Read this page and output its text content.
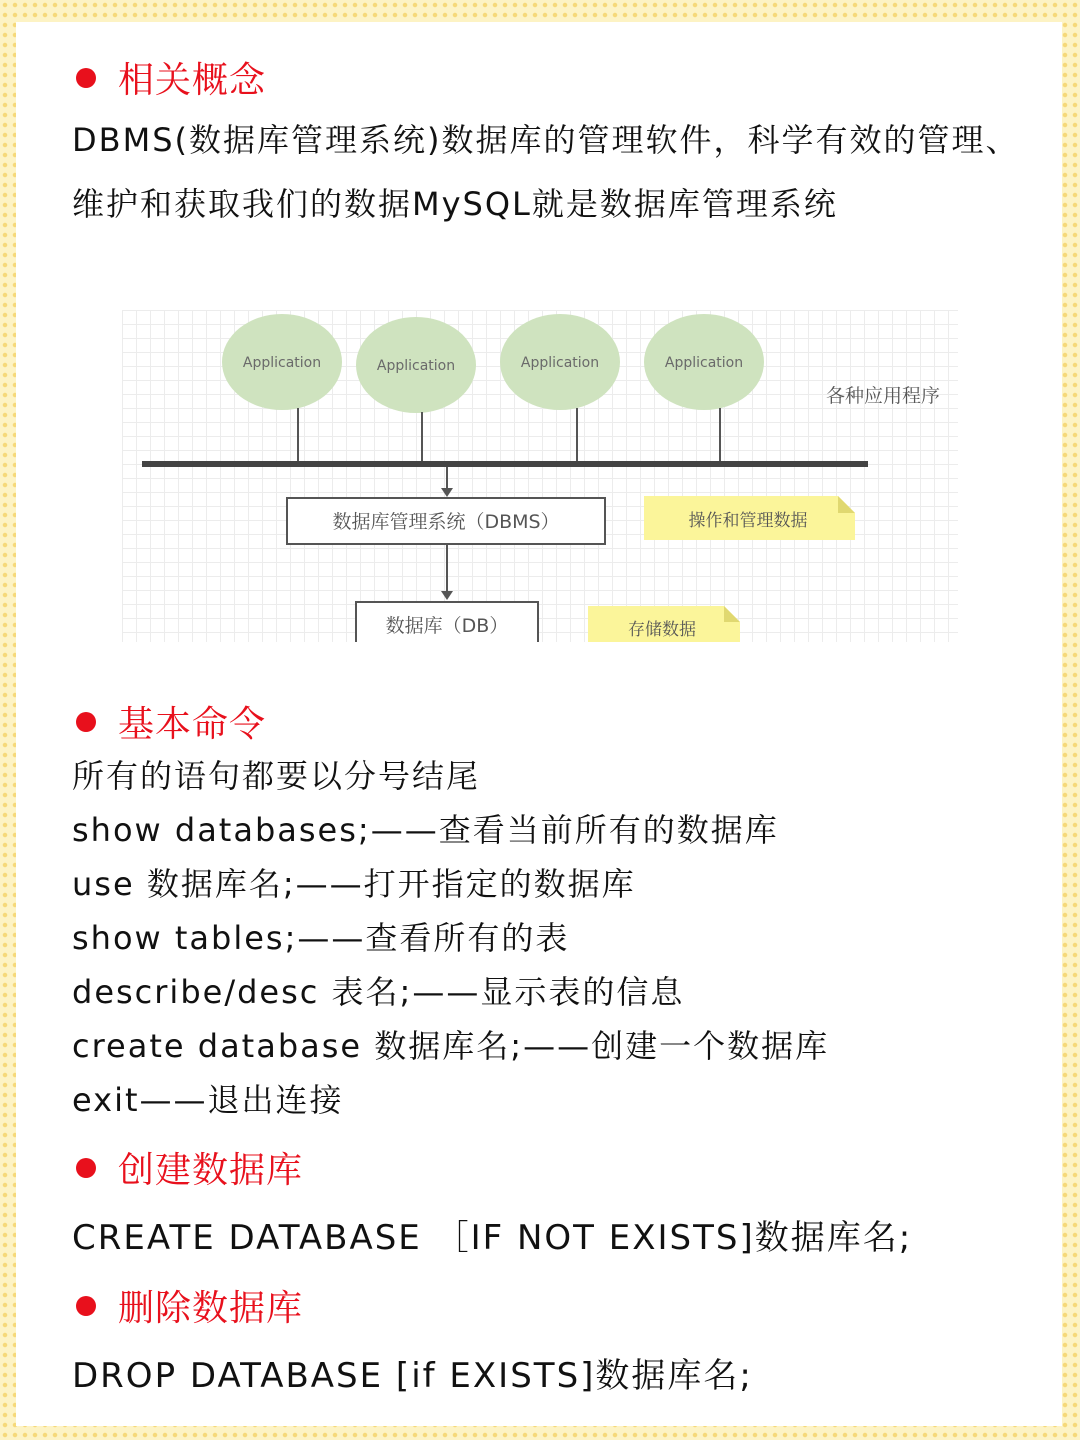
相关概念

DBMS(数据库管理系统)数据库的管理软件，科学有效的管理、维护和获取我们的数据MySQL就是数据库管理系统

Application	Application	Application	Application
各种应用程序
数据库管理系统（DBMS）	操作和管理数据
数据库（DB）	存储数据
基本命令
所有的语句都要以分号结尾
show databases;——查看当前所有的数据库
use 数据库名;——打开指定的数据库
show tables;——查看所有的表
describe/desc 表名;——显示表的信息
create database 数据库名;——创建一个数据库
exit——退出连接
创建数据库
CREATE DATABASE ［IF NOT EXISTS]数据库名;
删除数据库
DROP DATABASE [if EXISTS]数据库名;
